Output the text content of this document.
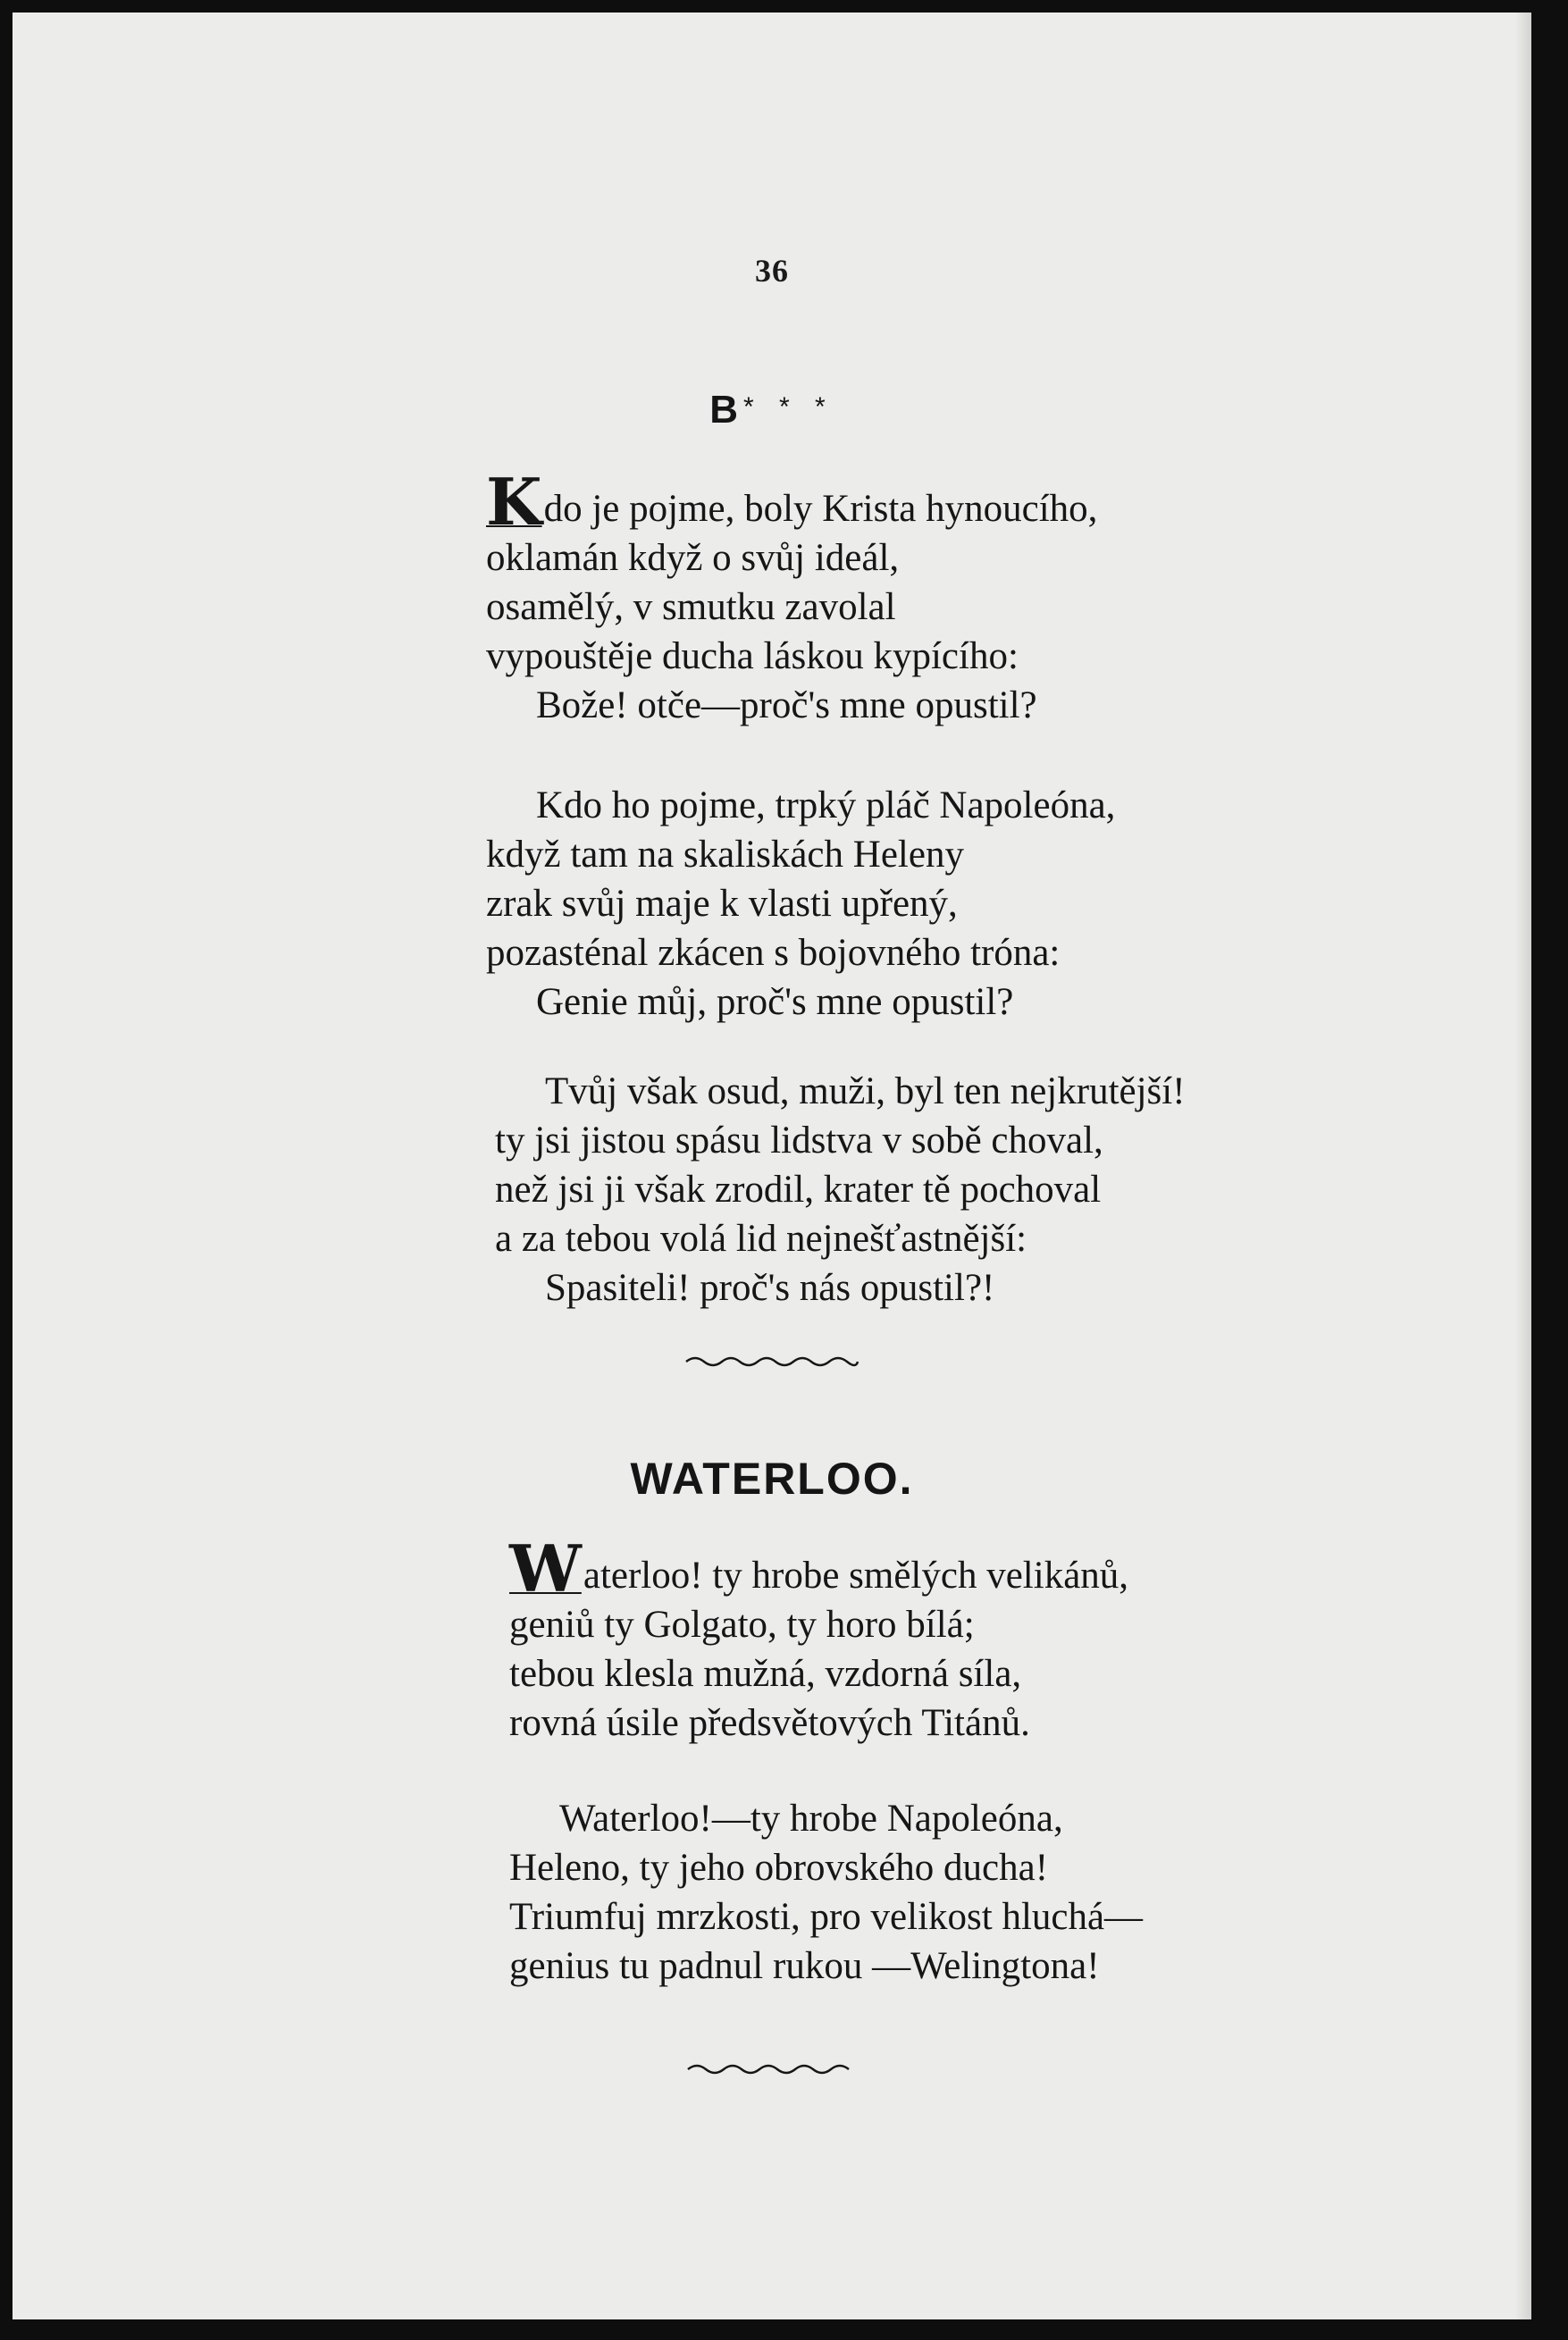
36
B * * *
Kdo je pojme, boly Krista hynoucího,
oklamán když o svůj ideál,
osamělý, v smutku zavolal
vypouštěje ducha láskou kypícího:
Bože! otče—proč's mne opustil?
Kdo ho pojme, trpký pláč Napoleóna,
když tam na skaliskách Heleny
zrak svůj maje k vlasti upřený,
pozasténal zkácen s bojovného tróna:
Genie můj, proč's mne opustil?
Tvůj však osud, muži, byl ten nejkrutější!
ty jsi jistou spásu lidstva v sobě choval,
než jsi ji však zrodil, krater tě pochoval
a za tebou volá lid nejnešťastnější:
Spasiteli! proč's nás opustil?!
WATERLOO.
Waterloo! ty hrobe smělých velikánů,
geniů ty Golgato, ty horo bílá;
tebou klesla mužná, vzdorná síla,
rovná úsile předsvětových Titánů.
Waterloo!—ty hrobe Napoleóna,
Heleno, ty jeho obrovského ducha!
Triumfuj mrzkosti, pro velikost hluchá—
genius tu padnul rukou —Welingtona!
